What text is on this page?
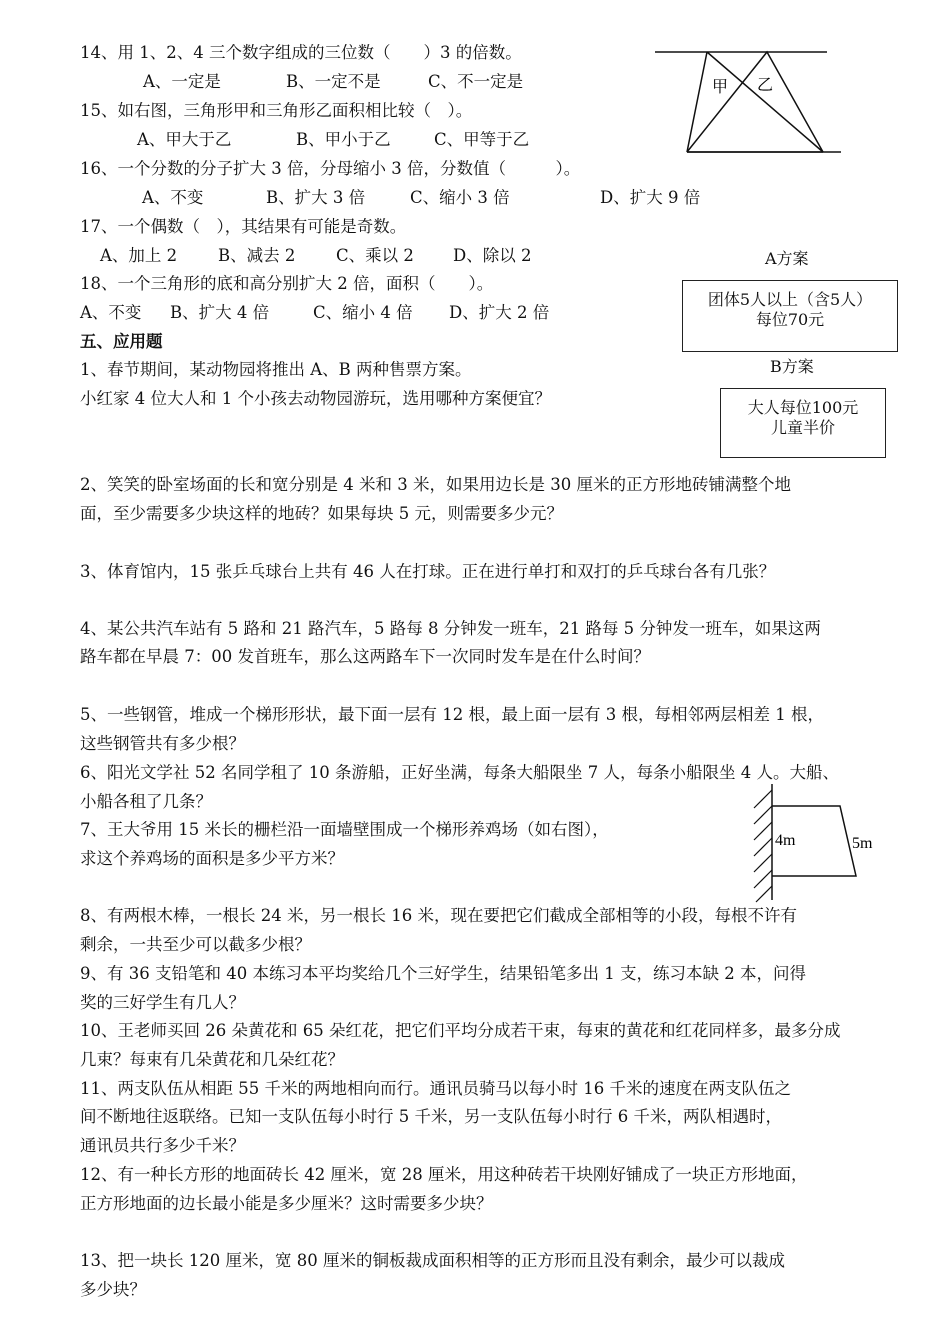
14、用 1、2、4 三个数字组成的三位数（　　）3 的倍数。
A、一定是	B、一定不是	C、不一定是
15、如右图，三角形甲和三角形乙面积相比较（　）。
A、甲大于乙	B、甲小于乙	C、甲等于乙
16、一个分数的分子扩大 3 倍，分母缩小 3 倍，分数值（　　　）。
A、不变	B、扩大 3 倍	C、缩小 3 倍	D、扩大 9 倍
17、一个偶数（　），其结果有可能是奇数。
A、加上 2 B、减去 2 C、乘以 2 D、除以 2
18、一个三角形的底和高分别扩大 2 倍，面积（　　）。
A、不变 B、扩大 4 倍	C、缩小 4 倍 D、扩大 2 倍
甲 乙
A方案
团体5人以上（含5人）
每位70元
B方案
大人每位100元
儿童半价
五、应用题
1、春节期间，某动物园将推出 A、B 两种售票方案。
小红家 4 位大人和 1 个小孩去动物园游玩，选用哪种方案便宜？
2、笑笑的卧室场面的长和宽分别是 4 米和 3 米，如果用边长是 30 厘米的正方形地砖铺满整个地
面，至少需要多少块这样的地砖？如果每块 5 元，则需要多少元？
3、体育馆内，15 张乒乓球台上共有 46 人在打球。正在进行单打和双打的乒乓球台各有几张？
4、某公共汽车站有 5 路和 21 路汽车，5 路每 8 分钟发一班车，21 路每 5 分钟发一班车，如果这两
路车都在早晨 7：00 发首班车，那么这两路车下一次同时发车是在什么时间？
5、一些钢管，堆成一个梯形形状，最下面一层有 12 根，最上面一层有 3 根，每相邻两层相差 1 根，
这些钢管共有多少根？
6、阳光文学社 52 名同学租了 10 条游船，正好坐满，每条大船限坐 7 人，每条小船限坐 4 人。大船、
小船各租了几条？
7、王大爷用 15 米长的栅栏沿一面墙壁围成一个梯形养鸡场（如右图），
求这个养鸡场的面积是多少平方米？
4m	5m
8、有两根木棒，一根长 24 米，另一根长 16 米，现在要把它们截成全部相等的小段，每根不许有
剩余，一共至少可以截多少根？
9、有 36 支铅笔和 40 本练习本平均奖给几个三好学生，结果铅笔多出 1 支，练习本缺 2 本，问得
奖的三好学生有几人？
10、王老师买回 26 朵黄花和 65 朵红花，把它们平均分成若干束，每束的黄花和红花同样多，最多分成
几束？每束有几朵黄花和几朵红花？
11、两支队伍从相距 55 千米的两地相向而行。通讯员骑马以每小时 16 千米的速度在两支队伍之
间不断地往返联络。已知一支队伍每小时行 5 千米，另一支队伍每小时行 6 千米，两队相遇时，
通讯员共行多少千米？
12、有一种长方形的地面砖长 42 厘米，宽 28 厘米，用这种砖若干块刚好铺成了一块正方形地面，
正方形地面的边长最小能是多少厘米？这时需要多少块？
13、把一块长 120 厘米，宽 80 厘米的铜板裁成面积相等的正方形而且没有剩余，最少可以裁成
多少块？
